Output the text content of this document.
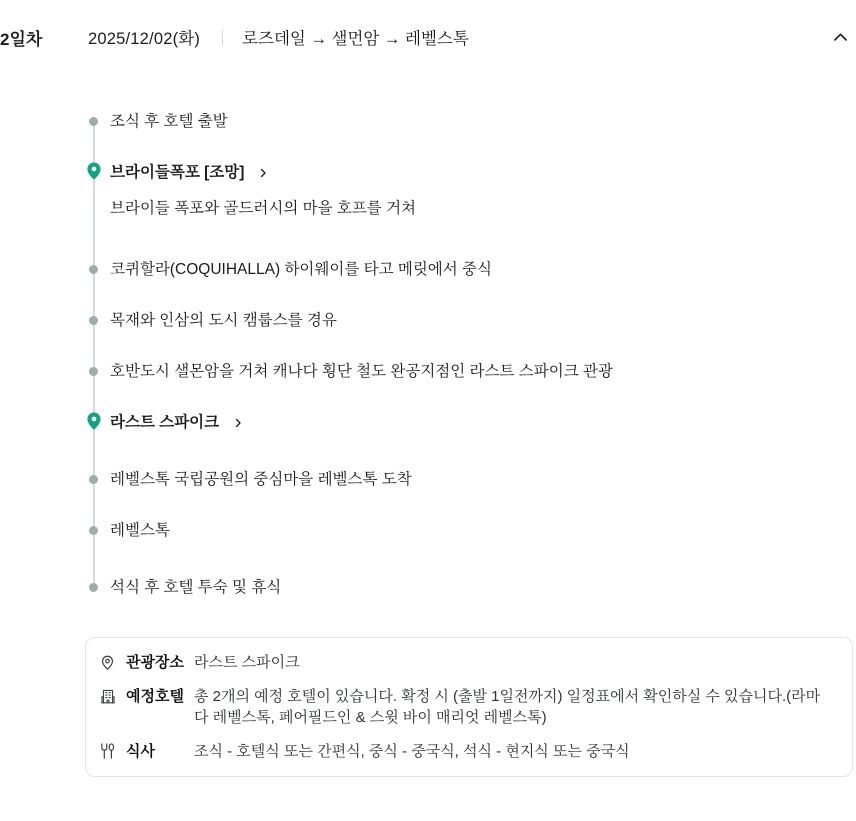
2일차	2025/12/02(화)	로즈데일 → 샐먼암 → 레벨스톡
조식 후 호텔 출발
브라이들폭포 [조망]
브라이들 폭포와 골드러시의 마을 호프를 거쳐
코퀴할라(COQUIHALLA) 하이웨이를 타고 메릿에서 중식
목재와 인삼의 도시 캠룹스를 경유
호반도시 샐몬암을 거쳐 캐나다 횡단 철도 완공지점인 라스트 스파이크 관광
라스트 스파이크
레벨스톡 국립공원의 중심마을 레벨스톡 도착
레벨스톡
석식 후 호텔 투숙 및 휴식
관광장소 라스트 스파이크
예정호텔 총 2개의 예정 호텔이 있습니다. 확정 시 (출발 1일전까지) 일정표에서 확인하실 수 있습니다.(라마다 레벨스톡, 페어필드인 & 스윗 바이 매리엇 레벨스톡)
식사	조식 - 호텔식 또는 간편식, 중식 - 중국식, 석식 - 현지식 또는 중국식
